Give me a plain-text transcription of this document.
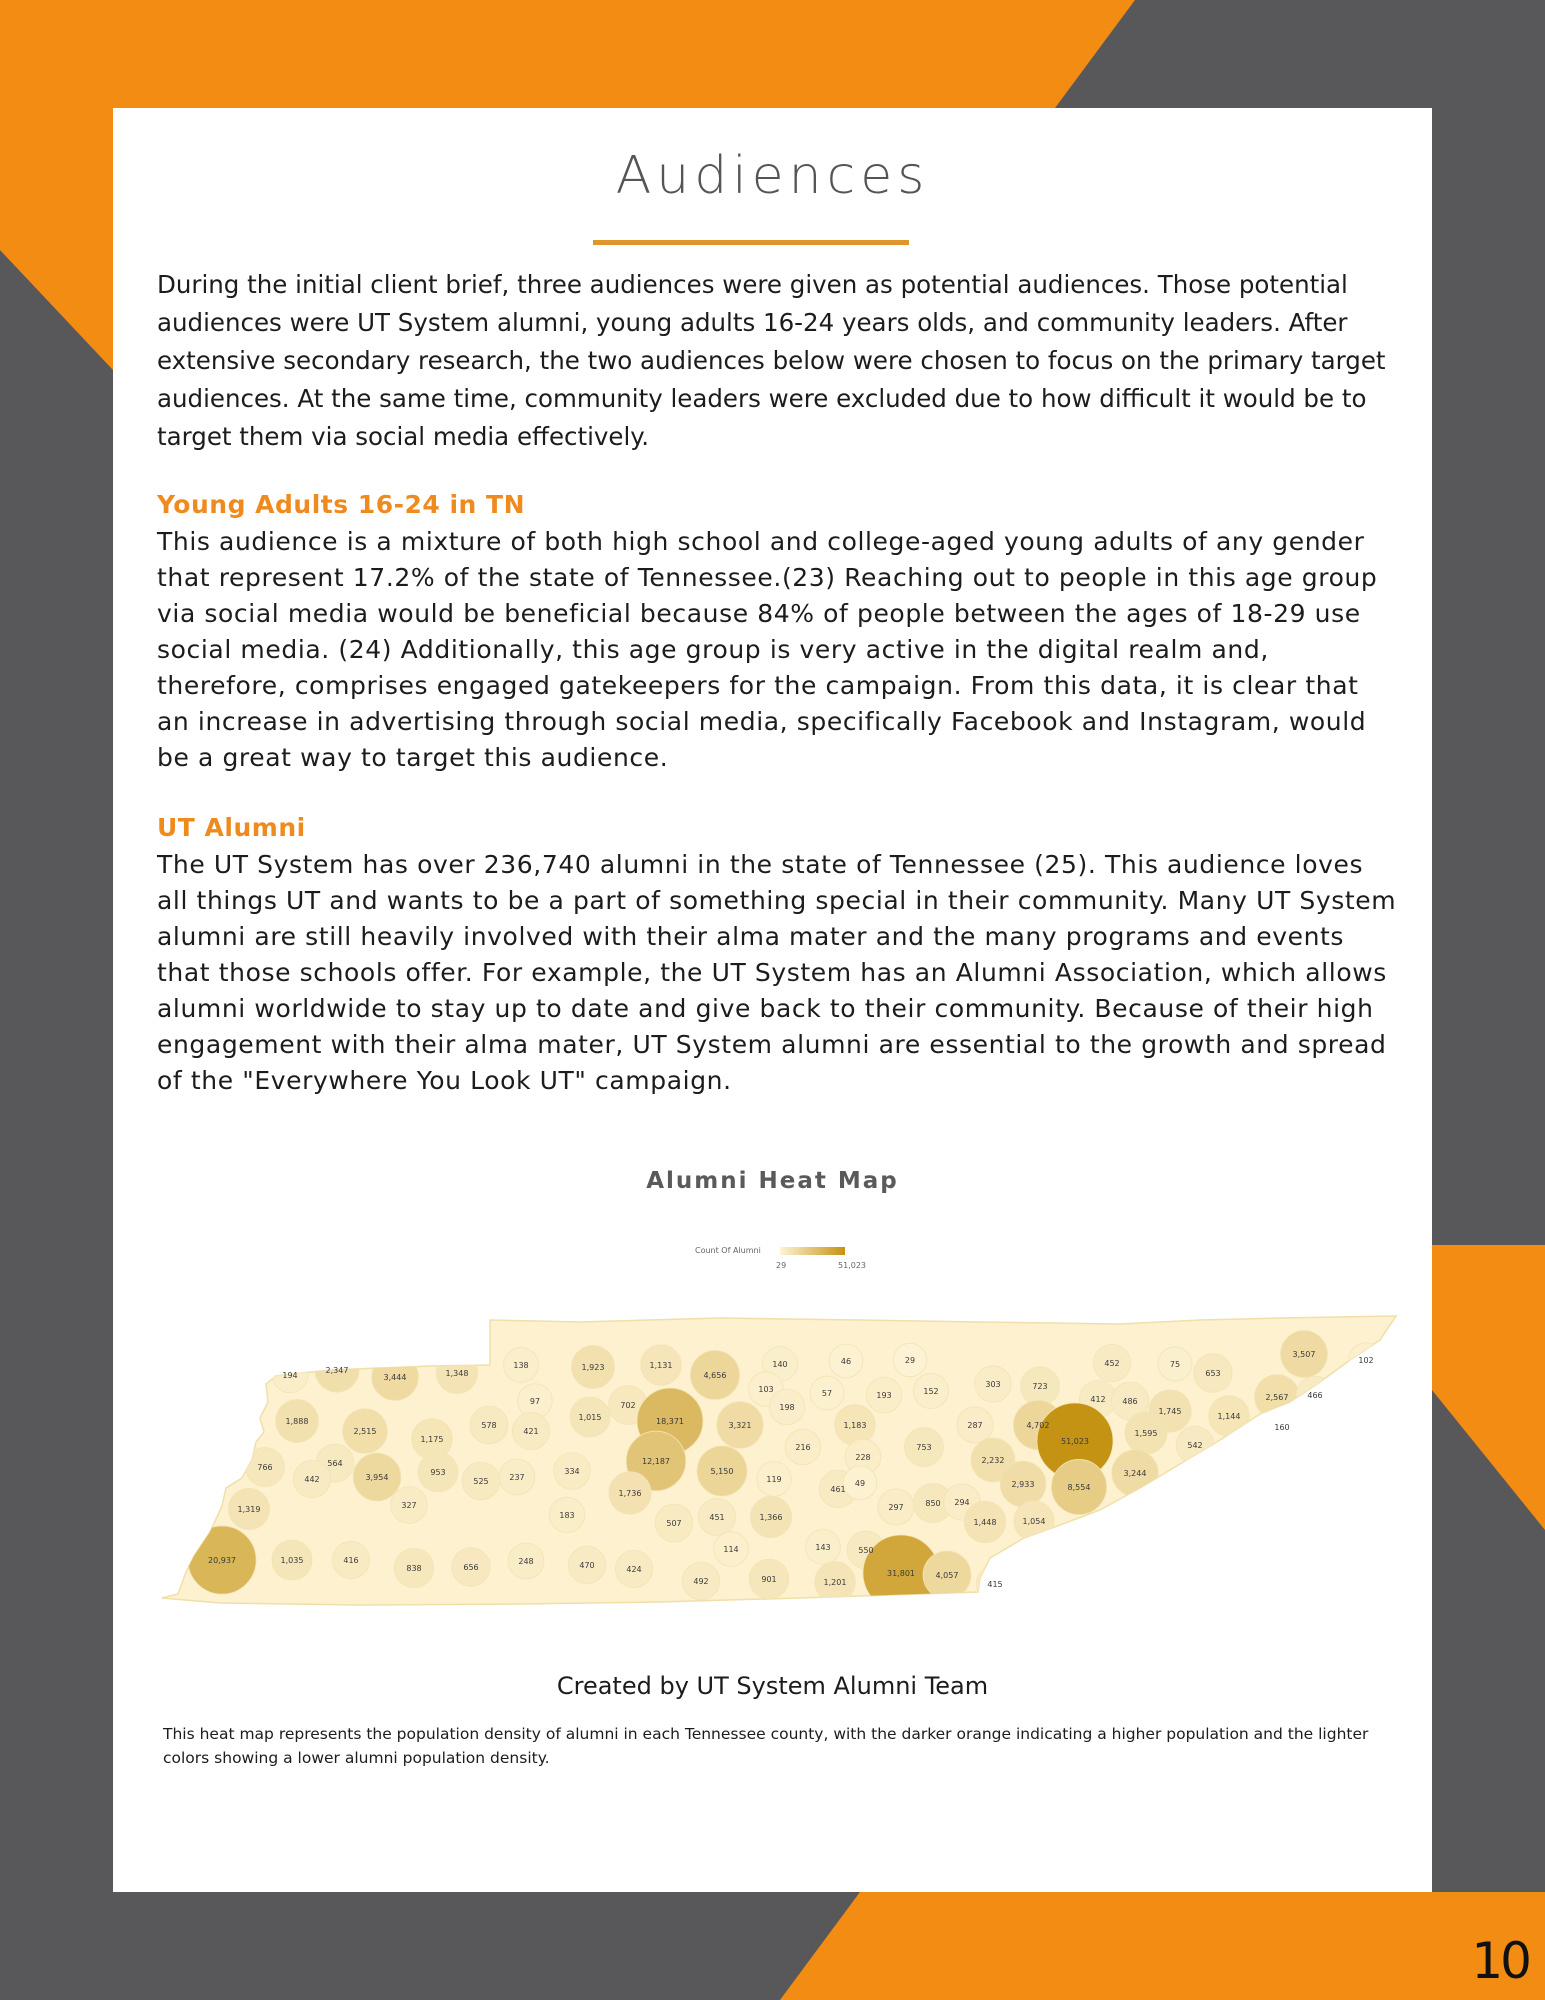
Audiences

During the initial client brief, three audiences were given as potential audiences. Those potential audiences were UT System alumni, young adults 16-24 years olds, and community leaders. After extensive secondary research, the two audiences below were chosen to focus on the primary target audiences. At the same time, community leaders were excluded due to how difficult it would be to target them via social media effectively.

Young Adults 16-24 in TN

This audience is a mixture of both high school and college-aged young adults of any gender that represent 17.2% of the state of Tennessee.(23) Reaching out to people in this age group via social media would be beneficial because 84% of people between the ages of 18-29 use social media. (24) Additionally, this age group is very active in the digital realm and, therefore, comprises engaged gatekeepers for the campaign. From this data, it is clear that an increase in advertising through social media, specifically Facebook and Instagram, would be a great way to target this audience.

UT Alumni

The UT System has over 236,740 alumni in the state of Tennessee (25). This audience loves all things UT and wants to be a part of something special in their community. Many UT System alumni are still heavily involved with their alma mater and the many programs and events that those schools offer. For example, the UT System has an Alumni Association, which allows alumni worldwide to stay up to date and give back to their community. Because of their high engagement with their alma mater, UT System alumni are essential to the growth and spread of the "Everywhere You Look UT" campaign.

Alumni Heat Map
Count Of Alumni
29	51,023
194
2,347
3,444	1,348
138	1,923	1,131
4,656
140	46	29	75
3,507
102
1,888
2,515
1,175
578
97
421
702
1,015	18,371	3,321
103	57	193
198
1,183
152
303	723
452
653
412 486
1,745
1,144
2,567 466
160
766	564	12,187
5,150
216
228
753
287	4,702
51,023
1,595
542
1,319
442	3,954
953
525	237
334
119
461
49
2,232
2,933	8,554
3,244
327
183
1,736
507
451	1,366
297	850 294
1,448	1,054
20,937	1,035	416
838	656
248	470	424
114	143	550
492	901	1,201
31,801	4,057
415

Created by UT System Alumni Team

This heat map represents the population density of alumni in each Tennessee county, with the darker orange indicating a higher population and the lighter colors showing a lower alumni population density.

10
